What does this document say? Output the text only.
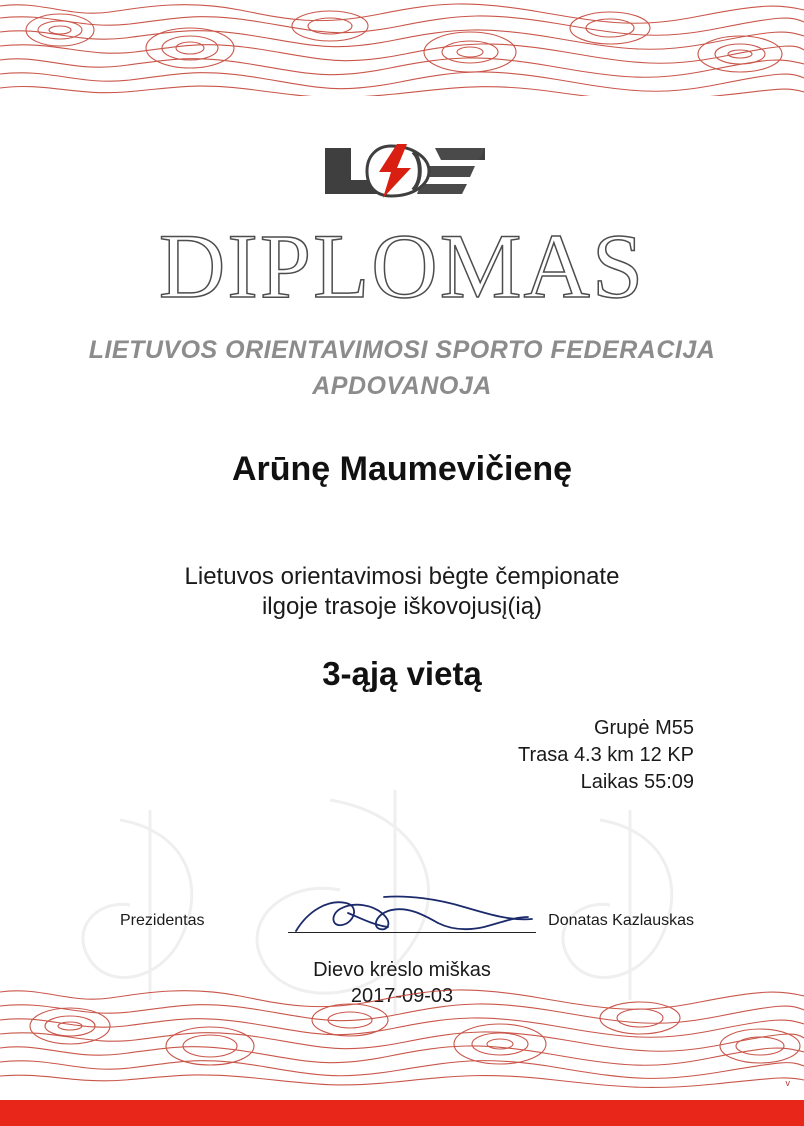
DIPLOMAS
LIETUVOS ORIENTAVIMOSI SPORTO FEDERACIJA
APDOVANOJA
Arūnę Maumevičienę
Lietuvos orientavimosi bėgte čempionate
ilgoje trasoje iškovojusį(ią)
3-ąją vietą
Grupė M55
Trasa 4.3 km 12 KP
Laikas 55:09
Prezidentas	Donatas Kazlauskas
Dievo krėslo miškas
2017-09-03
v
